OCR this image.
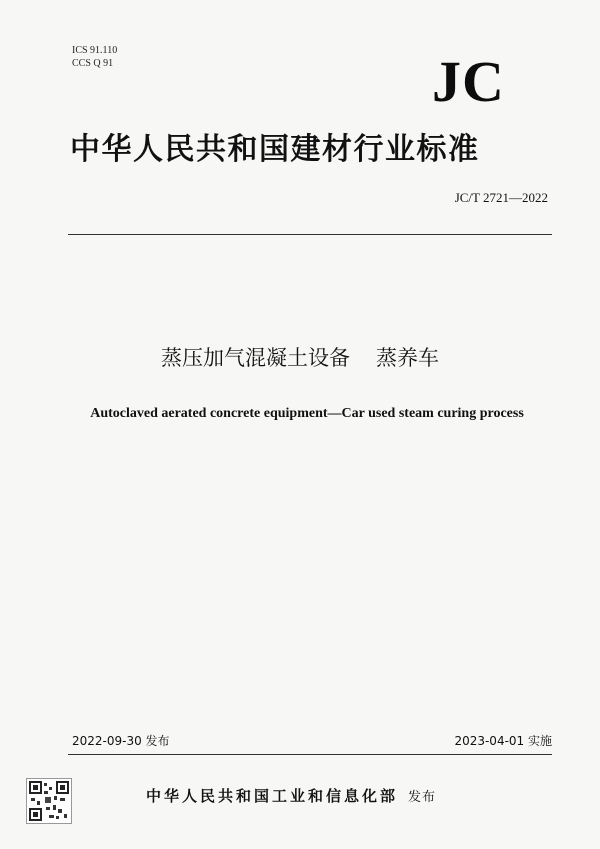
ICS 91.110
CCS Q 91	JC
中华人民共和国建材行业标准
JC/T 2721—2022
蒸压加气混凝土设备 蒸养车
Autoclaved aerated concrete equipment—Car used steam curing process
2022-09-30 发布	2023-04-01 实施
中华人民共和国工业和信息化部 发布
